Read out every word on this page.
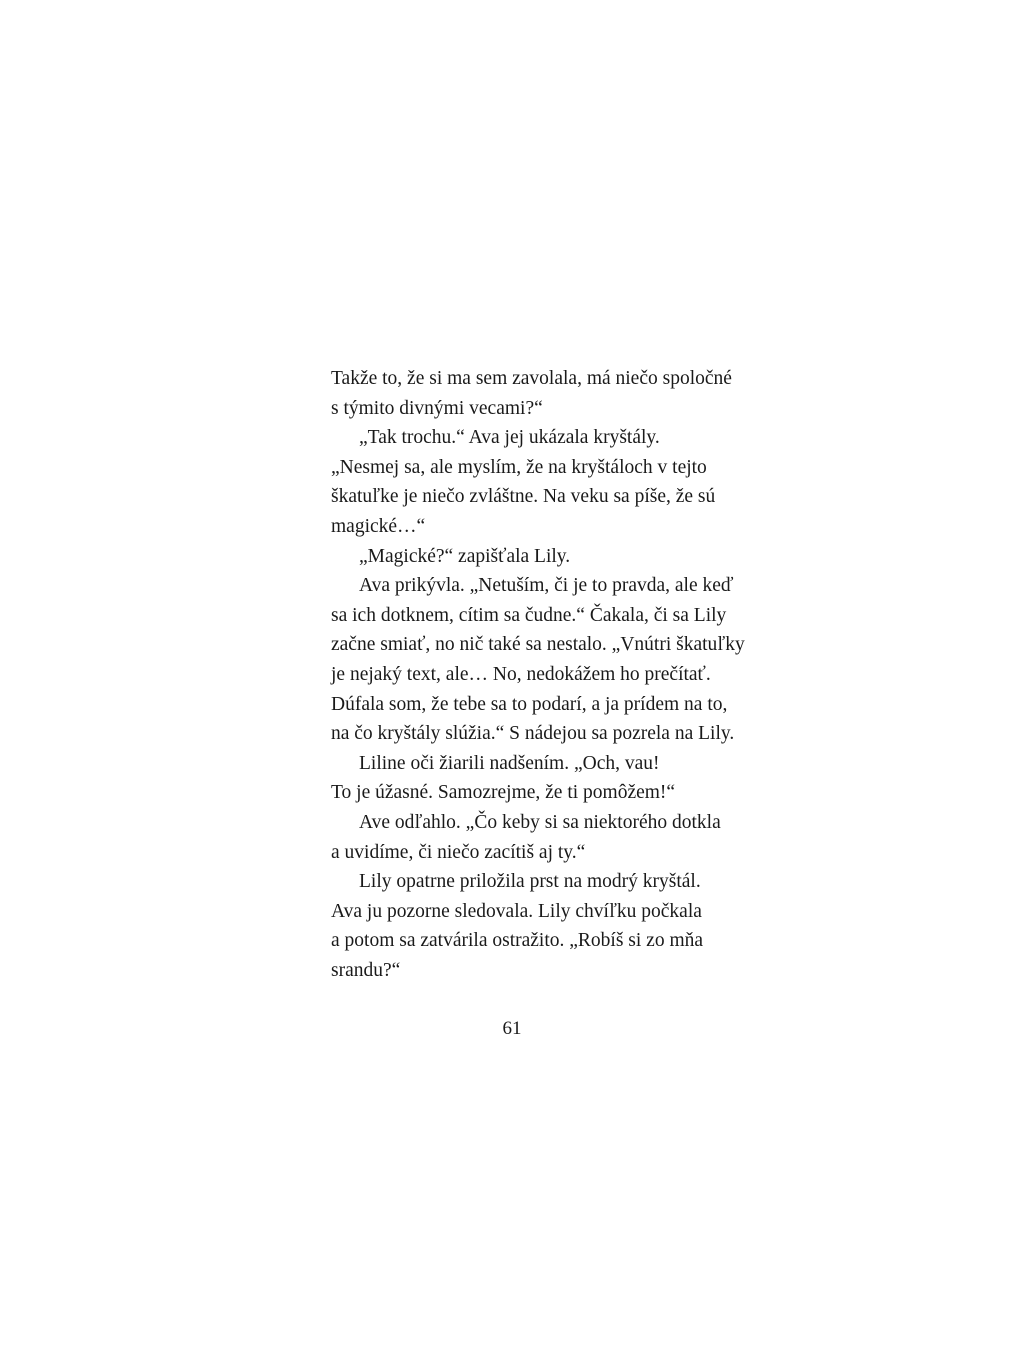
Takže to, že si ma sem zavolala, má niečo spoločné
s týmito divnými vecami?“
„Tak trochu.“ Ava jej ukázala kryštály.
„Nesmej sa, ale myslím, že na kryštáloch v tejto
škatuľke je niečo zvláštne. Na veku sa píše, že sú
magické…“
„Magické?“ zapišťala Lily.
Ava prikývla. „Netuším, či je to pravda, ale keď
sa ich dotknem, cítim sa čudne.“ Čakala, či sa Lily
začne smiať, no nič také sa nestalo. „Vnútri škatuľky
je nejaký text, ale… No, nedokážem ho prečítať.
Dúfala som, že tebe sa to podarí, a ja prídem na to,
na čo kryštály slúžia.“ S nádejou sa pozrela na Lily.
Liline oči žiarili nadšením. „Och, vau!
To je úžasné. Samozrejme, že ti pomôžem!“
Ave odľahlo. „Čo keby si sa niektorého dotkla
a uvidíme, či niečo zacítiš aj ty.“
Lily opatrne priložila prst na modrý kryštál.
Ava ju pozorne sledovala. Lily chvíľku počkala
a potom sa zatvárila ostražito. „Robíš si zo mňa
srandu?“
61
